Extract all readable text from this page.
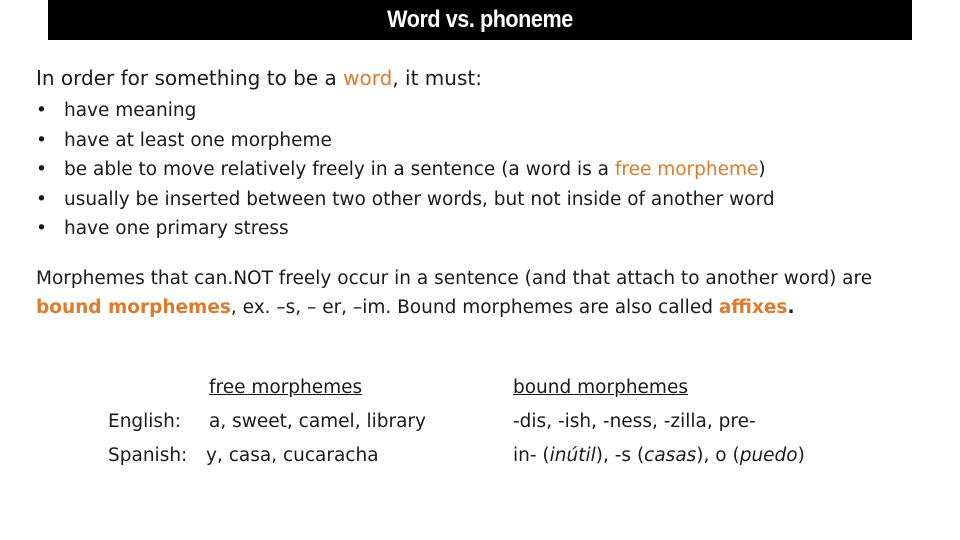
Word vs. phoneme
In order for something to be a word, it must:
• have meaning
• have at least one morpheme
• be able to move relatively freely in a sentence (a word is a free morpheme)
• usually be inserted between two other words, but not inside of another word
• have one primary stress
Morphemes that can.NOT freely occur in a sentence (and that attach to another word) are bound morphemes, ex. –s, – er, –im. Bound morphemes are also called affixes.
English:
Spanish:
free morphemes
a, sweet, camel, library
y, casa, cucaracha
bound morphemes
-dis, -ish, -ness, -zilla, pre-
in- (inútil), -s (casas), o (puedo)
